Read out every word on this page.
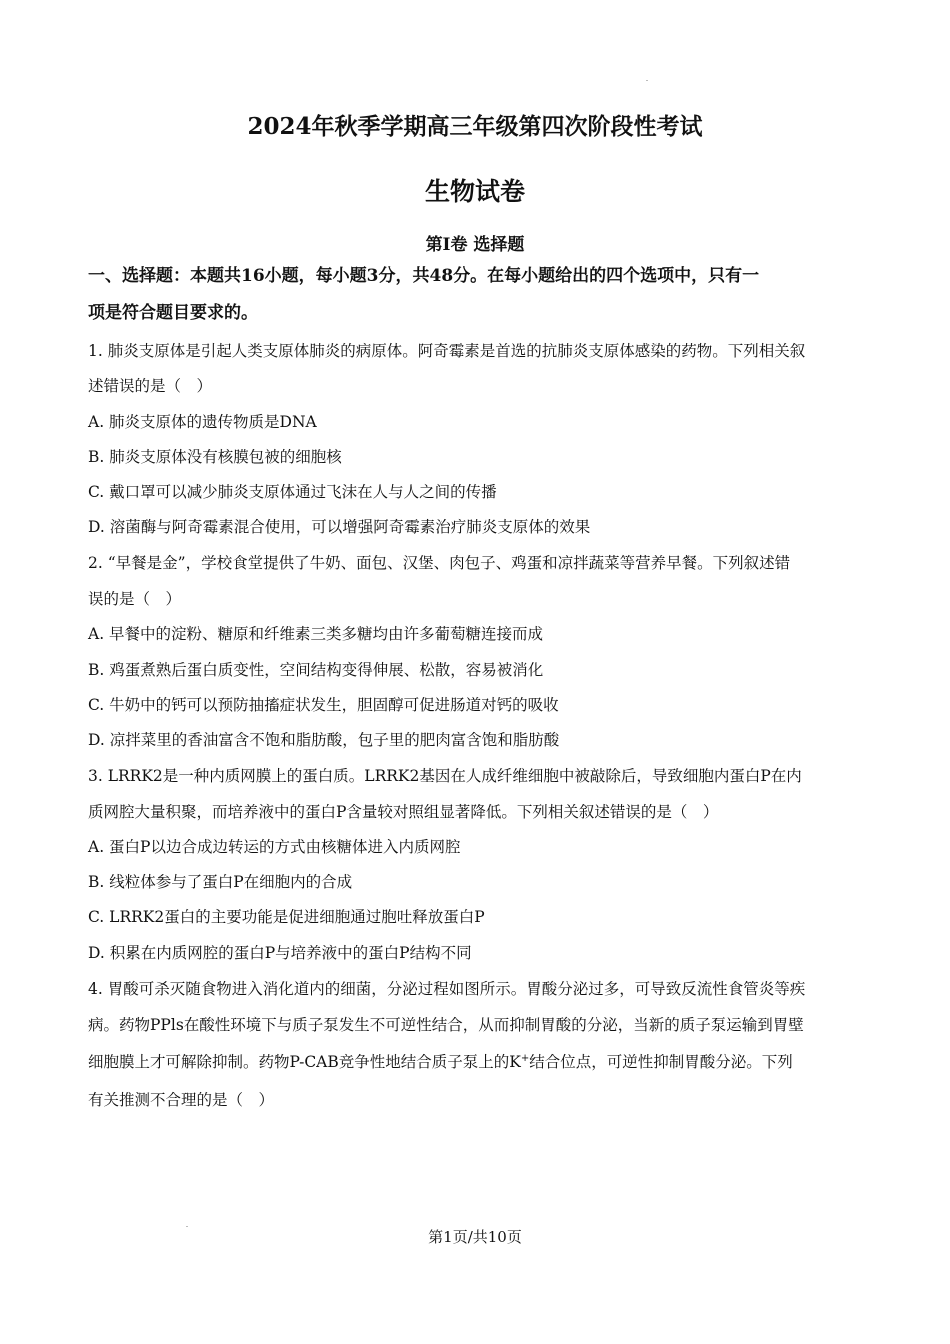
2024年秋季学期高三年级第四次阶段性考试
生物试卷
第Ⅰ卷 选择题
一、选择题：本题共16小题，每小题3分，共48分。在每小题给出的四个选项中，只有一
项是符合题目要求的。
1. 肺炎支原体是引起人类支原体肺炎的病原体。阿奇霉素是首选的抗肺炎支原体感染的药物。下列相关叙
述错误的是（　）
A. 肺炎支原体的遗传物质是DNA
B. 肺炎支原体没有核膜包被的细胞核
C. 戴口罩可以减少肺炎支原体通过飞沫在人与人之间的传播
D. 溶菌酶与阿奇霉素混合使用，可以增强阿奇霉素治疗肺炎支原体的效果
2. “早餐是金”，学校食堂提供了牛奶、面包、汉堡、肉包子、鸡蛋和凉拌蔬菜等营养早餐。下列叙述错
误的是（　）
A. 早餐中的淀粉、糖原和纤维素三类多糖均由许多葡萄糖连接而成
B. 鸡蛋煮熟后蛋白质变性，空间结构变得伸展、松散，容易被消化
C. 牛奶中的钙可以预防抽搐症状发生，胆固醇可促进肠道对钙的吸收
D. 凉拌菜里的香油富含不饱和脂肪酸，包子里的肥肉富含饱和脂肪酸
3. LRRK2是一种内质网膜上的蛋白质。LRRK2基因在人成纤维细胞中被敲除后，导致细胞内蛋白P在内
质网腔大量积聚，而培养液中的蛋白P含量较对照组显著降低。下列相关叙述错误的是（　）
A. 蛋白P以边合成边转运的方式由核糖体进入内质网腔
B. 线粒体参与了蛋白P在细胞内的合成
C. LRRK2蛋白的主要功能是促进细胞通过胞吐释放蛋白P
D. 积累在内质网腔的蛋白P与培养液中的蛋白P结构不同
4. 胃酸可杀灭随食物进入消化道内的细菌，分泌过程如图所示。胃酸分泌过多，可导致反流性食管炎等疾
病。药物PPls在酸性环境下与质子泵发生不可逆性结合，从而抑制胃酸的分泌，当新的质子泵运输到胃壁
细胞膜上才可解除抑制。药物P-CAB竞争性地结合质子泵上的K+结合位点，可逆性抑制胃酸分泌。下列
有关推测不合理的是（　）
第1页/共10页
